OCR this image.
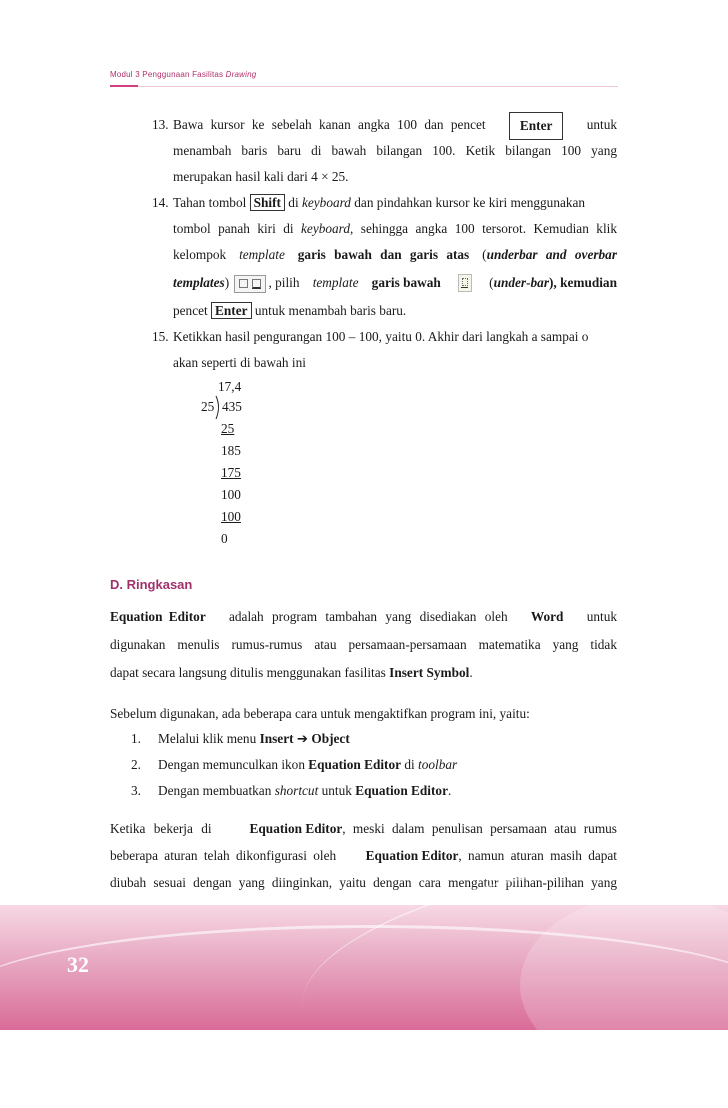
Modul 3 Penggunaan Fasilitas Drawing
13. Bawa kursor ke sebelah kanan angka 100 dan pencet	Enter	untuk
menambah baris baru di bawah bilangan 100. Ketik bilangan 100 yang
merupakan hasil kali dari 4 × 25.
14. Tahan tombol Shift di keyboard dan pindahkan kursor ke kiri menggunakan
tombol panah kiri di keyboard, sehingga angka 100 tersorot. Kemudian klik
kelompok template garis bawah dan garis atas (underbar and overbar
templates)	, pilih template garis bawah	(under-bar), kemudian
pencet Enter untuk menambah baris baru.
15. Ketikkan hasil pengurangan 100 – 100, yaitu 0. Akhir dari langkah a sampai o
akan seperti di bawah ini
17,4
25 435
25
185
175
100
100
0
D. Ringkasan
Equation Editor adalah program tambahan yang disediakan oleh Word untuk
digunakan menulis rumus-rumus atau persamaan-persamaan matematika yang tidak
dapat secara langsung ditulis menggunakan fasilitas Insert Symbol.
Sebelum digunakan, ada beberapa cara untuk mengaktifkan program ini, yaitu:
1. Melalui klik menu Insert ➔ Object
2. Dengan memunculkan ikon Equation Editor di toolbar
3. Dengan membuatkan shortcut untuk Equation Editor.
Ketika bekerja di	Equation Editor, meski dalam penulisan persamaan atau rumus
beberapa aturan telah dikonfigurasi oleh Equation Editor, namun aturan masih dapat
diubah sesuai dengan yang diinginkan, yaitu dengan cara mengatur pilihan-pilihan yang
32
